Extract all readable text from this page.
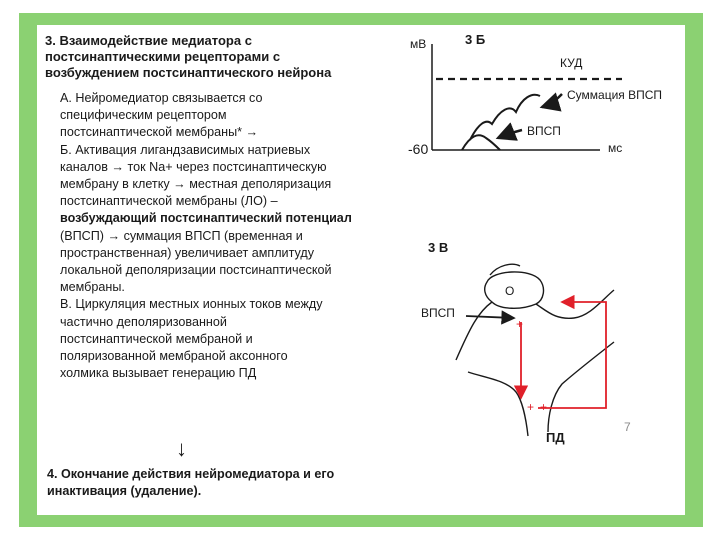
3. Взаимодействие медиатора с
постсинаптическими рецепторами с
возбуждением постсинаптического нейрона

А. Нейромедиатор связывается со

специфическим рецептором

постсинаптической мембраны* →

Б. Активация лигандзависимых натриевых

каналов → ток Na+ через постсинаптическую

мембрану в клетку → местная деполяризация

постсинаптической мембраны (ЛО) –

возбуждающий постсинаптический потенциал

(ВПСП) → суммация ВПСП (временная и

пространственная) увеличивает амплитуду

локальной деполяризации постсинаптической

мембраны.

В. Циркуляция местных ионных токов между

частично деполяризованной

постсинаптической мембраной и

поляризованной мембраной аксонного

холмика вызывает генерацию ПД

↓
4. Окончание действия нейромедиатора и его
инактивация (удаление).
3 Б
мВ
-60	мс
КУД
Суммация ВПСП
ВПСП
3 В
О
ВПСП
+
+ +
ПД
7
